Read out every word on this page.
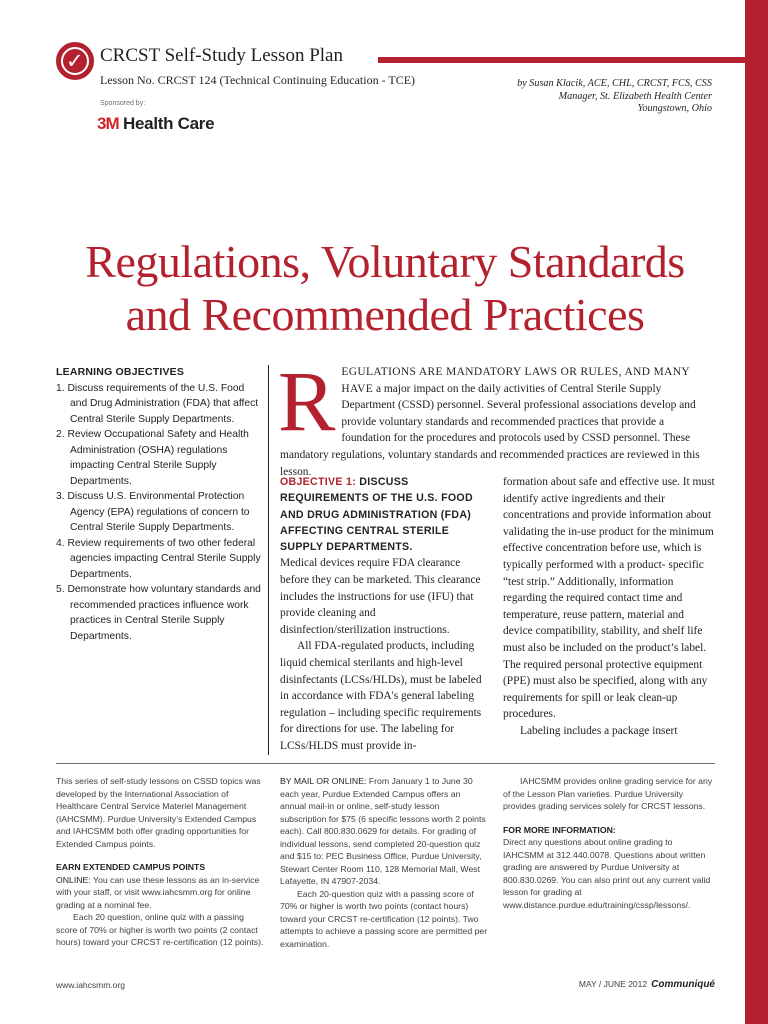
✓ CRCST Self-Study Lesson Plan
Lesson No. CRCST 124 (Technical Continuing Education - TCE)
Sponsored by:
3M Health Care
by Susan Klacik, ACE, CHL, CRCST, FCS, CSS
Manager, St. Elizabeth Health Center
Youngstown, Ohio
Regulations, Voluntary Standards
and Recommended Practices
LEARNING OBJECTIVES
1. Discuss requirements of the U.S. Food and Drug Administration (FDA) that affect Central Sterile Supply Departments.
2. Review Occupational Safety and Health Administration (OSHA) regulations impacting Central Sterile Supply Departments.
3. Discuss U.S. Environmental Protection Agency (EPA) regulations of concern to Central Sterile Supply Departments.
4. Review requirements of two other federal agencies impacting Central Sterile Supply Departments.
5. Demonstrate how voluntary standards and recommended practices influence work practices in Central Sterile Supply Departments.
REGULATIONS ARE MANDATORY LAWS OR RULES, AND MANY HAVE a major impact on the daily activities of Central Sterile Supply Department (CSSD) personnel. Several professional associations develop and provide voluntary standards and recommended practices that provide a foundation for the procedures and protocols used by CSSD personnel. These mandatory regulations, voluntary standards and recommended practices are reviewed in this lesson.
OBJECTIVE 1: DISCUSS REQUIREMENTS OF THE U.S. FOOD AND DRUG ADMINISTRATION (FDA) AFFECTING CENTRAL STERILE SUPPLY DEPARTMENTS.

Medical devices require FDA clearance before they can be marketed. This clearance includes the instructions for use (IFU) that provide cleaning and disinfection/sterilization instructions.

All FDA-regulated products, including liquid chemical sterilants and high-level disinfectants (LCSs/HLDs), must be labeled in accordance with FDA's general labeling regulation – including specific requirements for directions for use. The labeling for LCSs/HLDS must provide in-

formation about safe and effective use. It must identify active ingredients and their concentrations and provide information about validating the in-use product for the minimum effective concentration before use, which is typically performed with a product- specific “test strip.” Additionally, information regarding the required contact time and temperature, reuse pattern, material and device compatibility, stability, and shelf life must also be included on the product’s label. The required personal protective equipment (PPE) must also be specified, along with any requirements for spill or leak clean-up procedures.

Labeling includes a package insert

This series of self-study lessons on CSSD topics was developed by the International Association of Healthcare Central Service Materiel Management (IAHCSMM). Purdue University’s Extended Campus and IAHCSMM both offer grading opportunities for Extended Campus points.

EARN EXTENDED CAMPUS POINTS

ONLINE: You can use these lessons as an in-service with your staff, or visit www.iahcsmm.org for online grading at a nominal fee.

Each 20 question, online quiz with a passing score of 70% or higher is worth two points (2 contact hours) toward your CRCST re-certification (12 points).

BY MAIL OR ONLINE: From January 1 to June 30 each year, Purdue Extended Campus offers an annual mail-in or online, self-study lesson subscription for $75 (6 specific lessons worth 2 points each). Call 800.830.0629 for details. For grading of individual lessons, send completed 20-question quiz and $15 to: PEC Business Office, Purdue University, Stewart Center Room 110, 128 Memorial Mall, West Lafayette, IN 47907-2034.

Each 20-question quiz with a passing score of 70% or higher is worth two points (contact hours) toward your CRCST re-certification (12 points). Two attempts to achieve a passing score are permitted per examination.

IAHCSMM provides online grading service for any of the Lesson Plan varieties. Purdue University provides grading services solely for CRCST lessons.

FOR MORE INFORMATION:

Direct any questions about online grading to IAHCSMM at 312.440.0078. Questions about written grading are answered by Purdue University at 800.830.0269. You can also print out any current valid lesson for grading at www.distance.purdue.edu/training/cssp/lessons/.

www.iahcsmm.org	MAY / JUNE 2012 Communiqué
